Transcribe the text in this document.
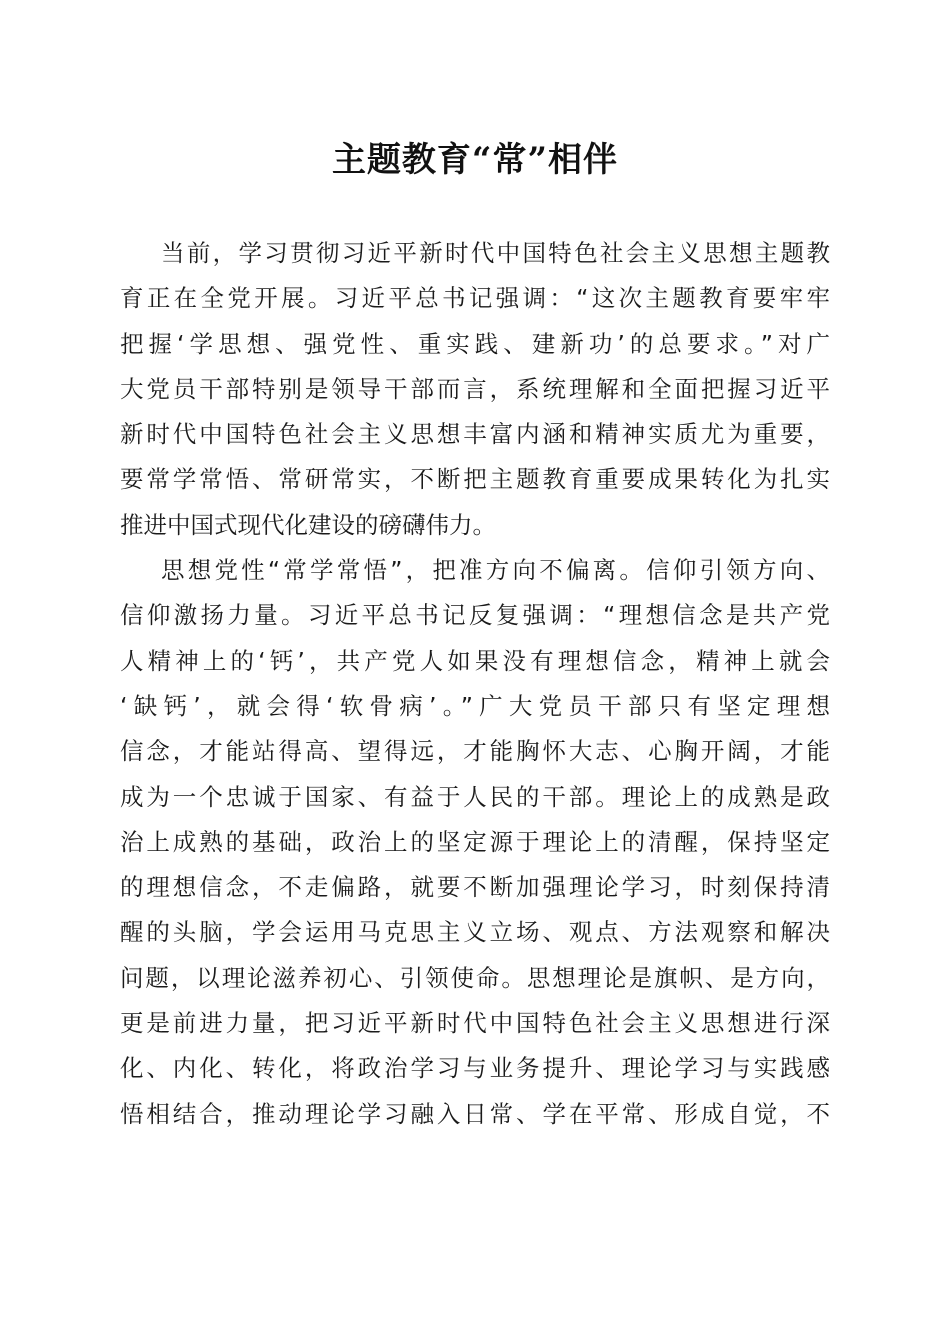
主题教育“常”相伴
当前，学习贯彻习近平新时代中国特色社会主义思想主题教
育正在全党开展。习近平总书记强调：“这次主题教育要牢牢
把握‘学思想、强党性、重实践、建新功’的总要求。”对广
大党员干部特别是领导干部而言，系统理解和全面把握习近平
新时代中国特色社会主义思想丰富内涵和精神实质尤为重要，
要常学常悟、常研常实，不断把主题教育重要成果转化为扎实
推进中国式现代化建设的磅礴伟力。
思想党性“常学常悟”，把准方向不偏离。信仰引领方向、
信仰激扬力量。习近平总书记反复强调：“理想信念是共产党
人精神上的‘钙’，共产党人如果没有理想信念，精神上就会
‘缺钙’，就会得‘软骨病’。”广大党员干部只有坚定理想
信念，才能站得高、望得远，才能胸怀大志、心胸开阔，才能
成为一个忠诚于国家、有益于人民的干部。理论上的成熟是政
治上成熟的基础，政治上的坚定源于理论上的清醒，保持坚定
的理想信念，不走偏路，就要不断加强理论学习，时刻保持清
醒的头脑，学会运用马克思主义立场、观点、方法观察和解决
问题，以理论滋养初心、引领使命。思想理论是旗帜、是方向，
更是前进力量，把习近平新时代中国特色社会主义思想进行深
化、内化、转化，将政治学习与业务提升、理论学习与实践感
悟相结合，推动理论学习融入日常、学在平常、形成自觉，不
